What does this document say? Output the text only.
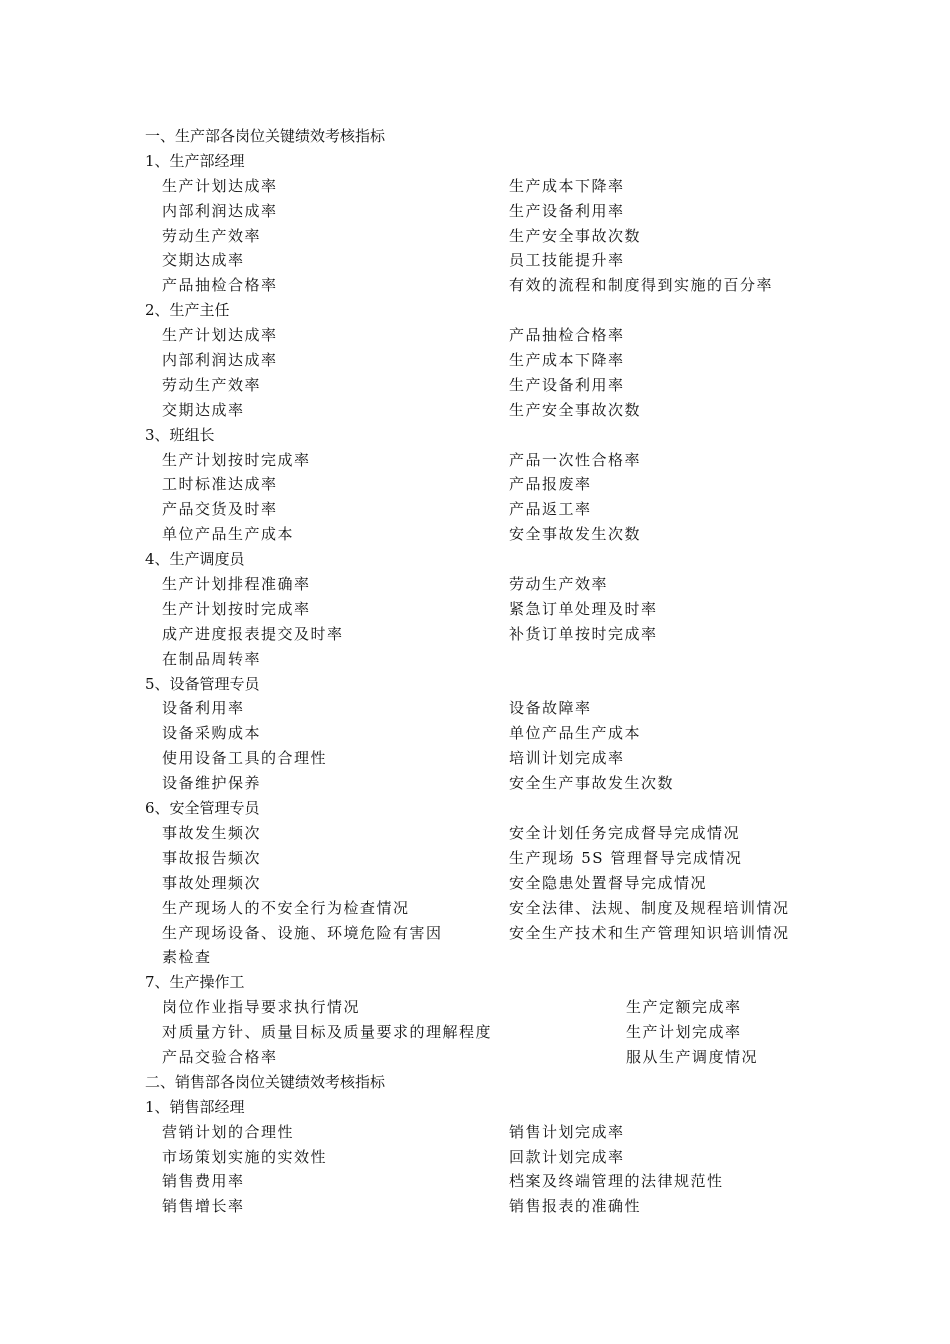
一、生产部各岗位关键绩效考核指标
1、生产部经理
生产计划达成率	生产成本下降率
内部利润达成率	生产设备利用率
劳动生产效率	生产安全事故次数
交期达成率	员工技能提升率
产品抽检合格率	有效的流程和制度得到实施的百分率
2、生产主任
生产计划达成率	产品抽检合格率
内部利润达成率	生产成本下降率
劳动生产效率	生产设备利用率
交期达成率	生产安全事故次数
3、班组长
生产计划按时完成率	产品一次性合格率
工时标准达成率	产品报废率
产品交货及时率	产品返工率
单位产品生产成本	安全事故发生次数
4、生产调度员
生产计划排程准确率	劳动生产效率
生产计划按时完成率	紧急订单处理及时率
成产进度报表提交及时率	补货订单按时完成率
在制品周转率
5、设备管理专员
设备利用率	设备故障率
设备采购成本	单位产品生产成本
使用设备工具的合理性	培训计划完成率
设备维护保养	安全生产事故发生次数
6、安全管理专员
事故发生频次	安全计划任务完成督导完成情况
事故报告频次	生产现场 5S 管理督导完成情况
事故处理频次	安全隐患处置督导完成情况
生产现场人的不安全行为检查情况	安全法律、法规、制度及规程培训情况
生产现场设备、设施、环境危险有害因	安全生产技术和生产管理知识培训情况
素检查
7、生产操作工
岗位作业指导要求执行情况	生产定额完成率
对质量方针、质量目标及质量要求的理解程度	生产计划完成率
产品交验合格率	服从生产调度情况
二、销售部各岗位关键绩效考核指标
1、销售部经理
营销计划的合理性	销售计划完成率
市场策划实施的实效性	回款计划完成率
销售费用率	档案及终端管理的法律规范性
销售增长率	销售报表的准确性
